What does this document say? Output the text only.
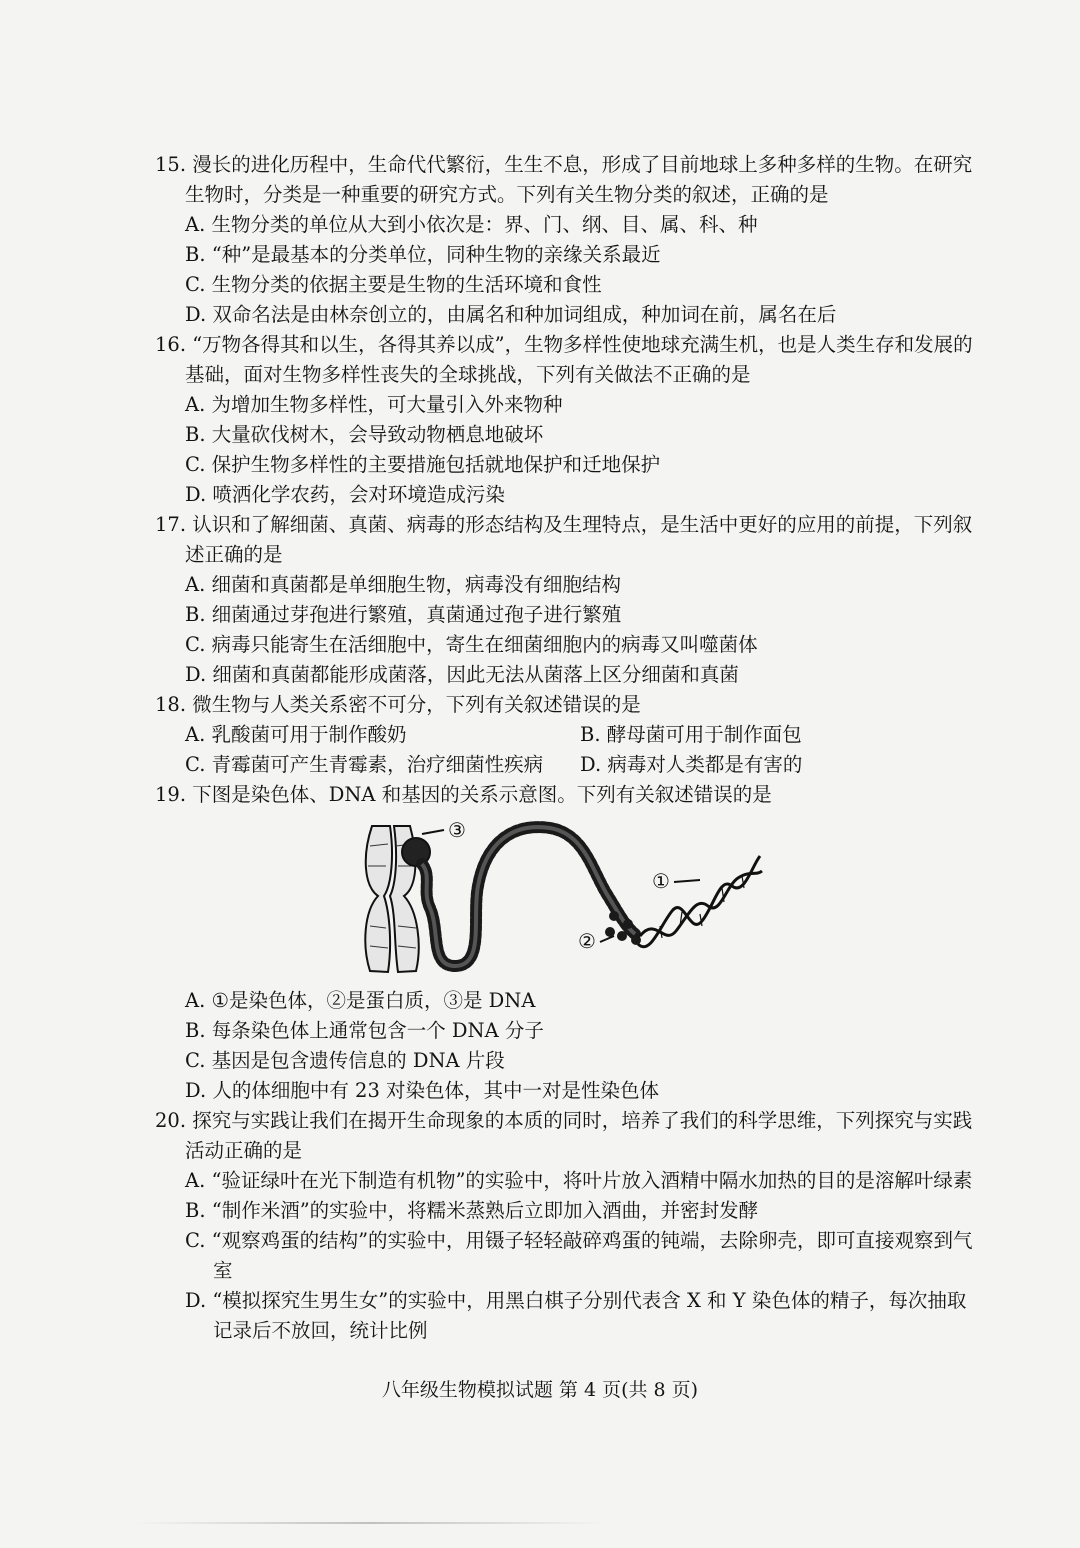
15. 漫长的进化历程中，生命代代繁衍，生生不息，形成了目前地球上多种多样的生物。在研究生物时，分类是一种重要的研究方式。下列有关生物分类的叙述，正确的是
A. 生物分类的单位从大到小依次是：界、门、纲、目、属、科、种
B. “种”是最基本的分类单位，同种生物的亲缘关系最近
C. 生物分类的依据主要是生物的生活环境和食性
D. 双命名法是由林奈创立的，由属名和种加词组成，种加词在前，属名在后
16. “万物各得其和以生，各得其养以成”，生物多样性使地球充满生机，也是人类生存和发展的基础，面对生物多样性丧失的全球挑战，下列有关做法不正确的是
A. 为增加生物多样性，可大量引入外来物种
B. 大量砍伐树木，会导致动物栖息地破坏
C. 保护生物多样性的主要措施包括就地保护和迁地保护
D. 喷洒化学农药，会对环境造成污染
17. 认识和了解细菌、真菌、病毒的形态结构及生理特点，是生活中更好的应用的前提，下列叙述正确的是
A. 细菌和真菌都是单细胞生物，病毒没有细胞结构
B. 细菌通过芽孢进行繁殖，真菌通过孢子进行繁殖
C. 病毒只能寄生在活细胞中，寄生在细菌细胞内的病毒又叫噬菌体
D. 细菌和真菌都能形成菌落，因此无法从菌落上区分细菌和真菌
18. 微生物与人类关系密不可分，下列有关叙述错误的是
A. 乳酸菌可用于制作酸奶	B. 酵母菌可用于制作面包
C. 青霉菌可产生青霉素，治疗细菌性疾病	D. 病毒对人类都是有害的
19. 下图是染色体、DNA 和基因的关系示意图。下列有关叙述错误的是
③
①
②
A. ①是染色体，②是蛋白质，③是 DNA
B. 每条染色体上通常包含一个 DNA 分子
C. 基因是包含遗传信息的 DNA 片段
D. 人的体细胞中有 23 对染色体，其中一对是性染色体
20. 探究与实践让我们在揭开生命现象的本质的同时，培养了我们的科学思维，下列探究与实践活动正确的是
A. “验证绿叶在光下制造有机物”的实验中，将叶片放入酒精中隔水加热的目的是溶解叶绿素
B. “制作米酒”的实验中，将糯米蒸熟后立即加入酒曲，并密封发酵
C. “观察鸡蛋的结构”的实验中，用镊子轻轻敲碎鸡蛋的钝端，去除卵壳，即可直接观察到气室
D. “模拟探究生男生女”的实验中，用黑白棋子分别代表含 X 和 Y 染色体的精子，每次抽取记录后不放回，统计比例
八年级生物模拟试题 第 4 页(共 8 页)
